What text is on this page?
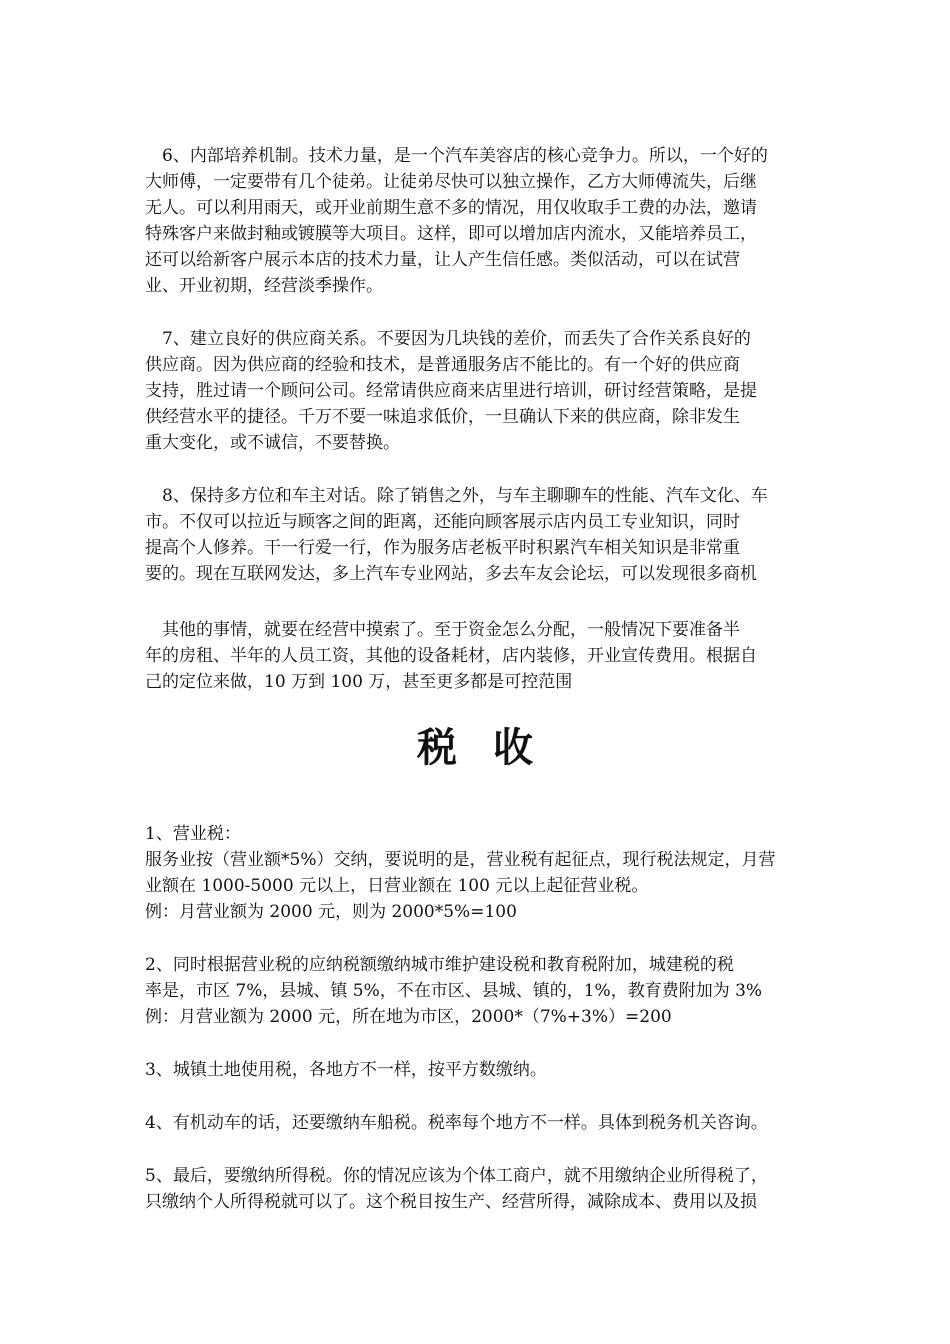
　6、内部培养机制。技术力量，是一个汽车美容店的核心竞争力。所以，一个好的
大师傅，一定要带有几个徒弟。让徒弟尽快可以独立操作，乙方大师傅流失，后继
无人。可以利用雨天，或开业前期生意不多的情况，用仅收取手工费的办法，邀请
特殊客户来做封釉或镀膜等大项目。这样，即可以增加店内流水，又能培养员工，
还可以给新客户展示本店的技术力量，让人产生信任感。类似活动，可以在试营
业、开业初期，经营淡季操作。
　7、建立良好的供应商关系。不要因为几块钱的差价，而丢失了合作关系良好的
供应商。因为供应商的经验和技术，是普通服务店不能比的。有一个好的供应商
支持，胜过请一个顾问公司。经常请供应商来店里进行培训，研讨经营策略，是提
供经营水平的捷径。千万不要一味追求低价，一旦确认下来的供应商，除非发生
重大变化，或不诚信，不要替换。
　8、保持多方位和车主对话。除了销售之外，与车主聊聊车的性能、汽车文化、车
市。不仅可以拉近与顾客之间的距离，还能向顾客展示店内员工专业知识，同时
提高个人修养。干一行爱一行，作为服务店老板平时积累汽车相关知识是非常重
要的。现在互联网发达，多上汽车专业网站，多去车友会论坛，可以发现很多商机
　其他的事情，就要在经营中摸索了。至于资金怎么分配，一般情况下要准备半
年的房租、半年的人员工资，其他的设备耗材，店内装修，开业宣传费用。根据自
己的定位来做，10 万到 100 万，甚至更多都是可控范围
税收
1、营业税：
服务业按（营业额*5%）交纳，要说明的是，营业税有起征点，现行税法规定，月营
业额在 1000-5000 元以上，日营业额在 100 元以上起征营业税。
例：月营业额为 2000 元，则为 2000*5%=100
2、同时根据营业税的应纳税额缴纳城市维护建设税和教育税附加，城建税的税
率是，市区 7%，县城、镇 5%，不在市区、县城、镇的，1%，教育费附加为 3%
例：月营业额为 2000 元，所在地为市区，2000*（7%+3%）=200
3、城镇土地使用税，各地方不一样，按平方数缴纳。
4、有机动车的话，还要缴纳车船税。税率每个地方不一样。具体到税务机关咨询。
5、最后，要缴纳所得税。你的情况应该为个体工商户，就不用缴纳企业所得税了，
只缴纳个人所得税就可以了。这个税目按生产、经营所得，减除成本、费用以及损
